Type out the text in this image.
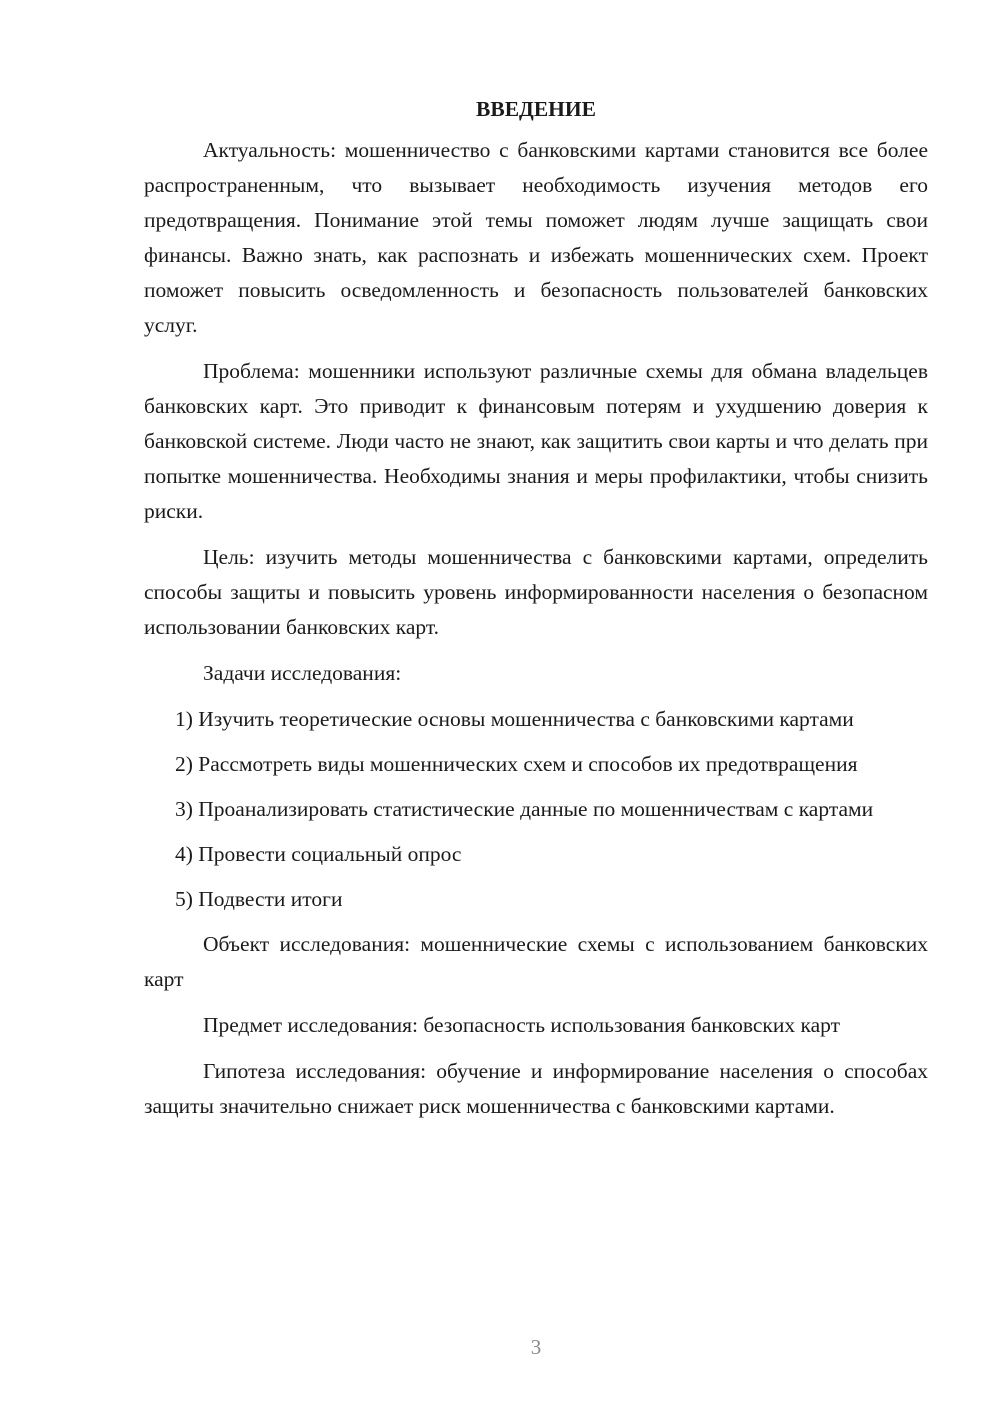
ВВЕДЕНИЕ

Актуальность: мошенничество с банковскими картами становится все более распространенным, что вызывает необходимость изучения методов его предотвращения. Понимание этой темы поможет людям лучше защищать свои финансы. Важно знать, как распознать и избежать мошеннических схем. Проект поможет повысить осведомленность и безопасность пользователей банковских услуг.

Проблема: мошенники используют различные схемы для обмана владельцев банковских карт. Это приводит к финансовым потерям и ухудшению доверия к банковской системе. Люди часто не знают, как защитить свои карты и что делать при попытке мошенничества. Необходимы знания и меры профилактики, чтобы снизить риски.

Цель: изучить методы мошенничества с банковскими картами, определить способы защиты и повысить уровень информированности населения о безопасном использовании банковских карт.

Задачи исследования:

1) Изучить теоретические основы мошенничества с банковскими картами

2) Рассмотреть виды мошеннических схем и способов их предотвращения

3) Проанализировать статистические данные по мошенничествам с картами

4) Провести социальный опрос

5) Подвести итоги

Объект исследования: мошеннические схемы с использованием банковских карт

Предмет исследования: безопасность использования банковских карт

Гипотеза исследования: обучение и информирование населения о способах защиты значительно снижает риск мошенничества с банковскими картами.

3
